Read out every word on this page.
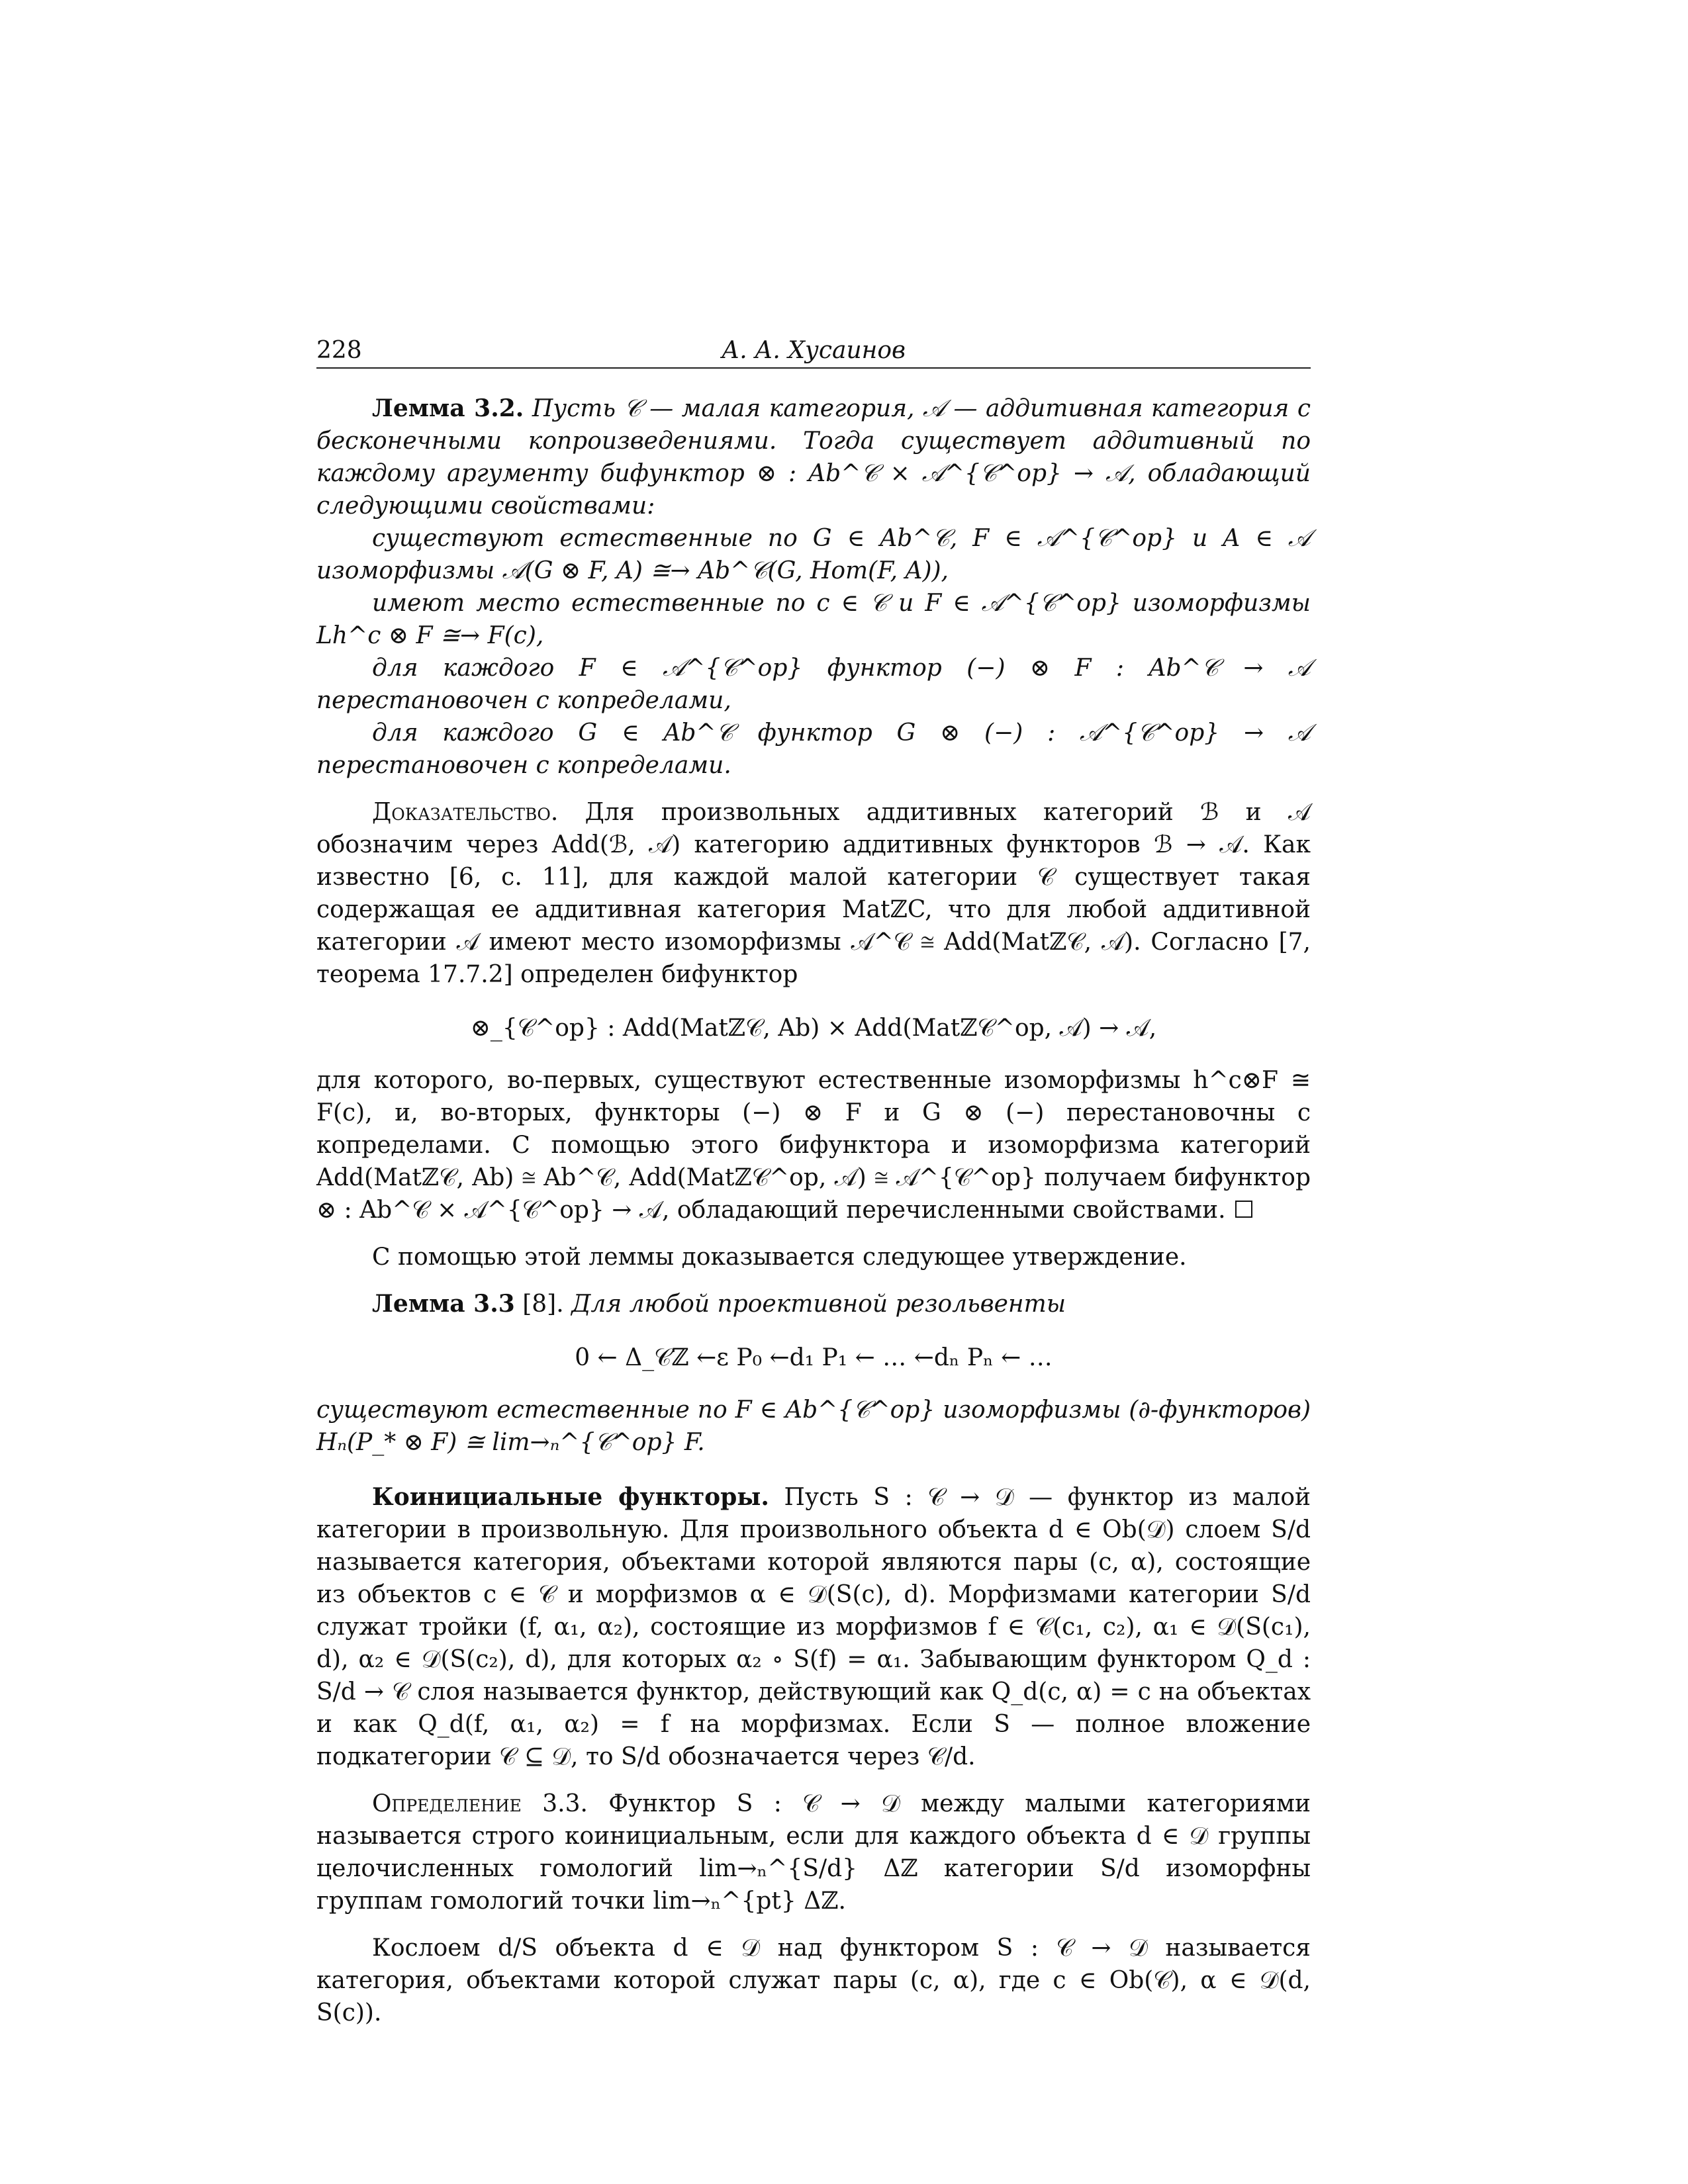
228	А. А. Хусаинов

Лемма 3.2. Пусть 𝒞 — малая категория, 𝒜 — аддитивная категория с бесконечными копроизведениями. Тогда существует аддитивный по каждому аргументу бифунктор ⊗ : Ab^𝒞 × 𝒜^{𝒞^op} → 𝒜, обладающий следующими свойствами:

существуют естественные по G ∈ Ab^𝒞, F ∈ 𝒜^{𝒞^op} и A ∈ 𝒜 изоморфизмы 𝒜(G ⊗ F, A) ≅→ Ab^𝒞(G, Hom(F, A)),

имеют место естественные по c ∈ 𝒞 и F ∈ 𝒜^{𝒞^op} изоморфизмы Lh^c ⊗ F ≅→ F(c),

для каждого F ∈ 𝒜^{𝒞^op} функтор (−) ⊗ F : Ab^𝒞 → 𝒜 перестановочен с копределами,

для каждого G ∈ Ab^𝒞 функтор G ⊗ (−) : 𝒜^{𝒞^op} → 𝒜 перестановочен с копределами.

Доказательство. Для произвольных аддитивных категорий ℬ и 𝒜 обозначим через Add(ℬ, 𝒜) категорию аддитивных функторов ℬ → 𝒜. Как известно [6, с. 11], для каждой малой категории 𝒞 существует такая содержащая ее аддитивная категория MatℤC, что для любой аддитивной категории 𝒜 имеют место изоморфизмы 𝒜^𝒞 ≅ Add(Matℤ𝒞, 𝒜). Согласно [7, теорема 17.7.2] определен бифунктор

⊗_{𝒞^op} : Add(Matℤ𝒞, Ab) × Add(Matℤ𝒞^op, 𝒜) → 𝒜,

для которого, во-первых, существуют естественные изоморфизмы h^c⊗F ≅ F(c), и, во-вторых, функторы (−) ⊗ F и G ⊗ (−) перестановочны с копределами. С помощью этого бифунктора и изоморфизма категорий Add(Matℤ𝒞, Ab) ≅ Ab^𝒞, Add(Matℤ𝒞^op, 𝒜) ≅ 𝒜^{𝒞^op} получаем бифунктор ⊗ : Ab^𝒞 × 𝒜^{𝒞^op} → 𝒜, обладающий перечисленными свойствами.

С помощью этой леммы доказывается следующее утверждение.

Лемма 3.3 [8]. Для любой проективной резольвенты

0 ← Δ_𝒞ℤ ←ε P₀ ←d₁ P₁ ← … ←dₙ Pₙ ← …

существуют естественные по F ∈ Ab^{𝒞^op} изоморфизмы (∂-функторов) Hₙ(P_* ⊗ F) ≅ lim→ₙ^{𝒞^op} F.

Коинициальные функторы. Пусть S : 𝒞 → 𝒟 — функтор из малой категории в произвольную. Для произвольного объекта d ∈ Ob(𝒟) слоем S/d называется категория, объектами которой являются пары (c, α), состоящие из объектов c ∈ 𝒞 и морфизмов α ∈ 𝒟(S(c), d). Морфизмами категории S/d служат тройки (f, α₁, α₂), состоящие из морфизмов f ∈ 𝒞(c₁, c₂), α₁ ∈ 𝒟(S(c₁), d), α₂ ∈ 𝒟(S(c₂), d), для которых α₂ ∘ S(f) = α₁. Забывающим функтором Q_d : S/d → 𝒞 слоя называется функтор, действующий как Q_d(c, α) = c на объектах и как Q_d(f, α₁, α₂) = f на морфизмах. Если S — полное вложение подкатегории 𝒞 ⊆ 𝒟, то S/d обозначается через 𝒞/d.

Определение 3.3. Функтор S : 𝒞 → 𝒟 между малыми категориями называется строго коинициальным, если для каждого объекта d ∈ 𝒟 группы целочисленных гомологий lim→ₙ^{S/d} Δℤ категории S/d изоморфны группам гомологий точки lim→ₙ^{pt} Δℤ.

Кослоем d/S объекта d ∈ 𝒟 над функтором S : 𝒞 → 𝒟 называется категория, объектами которой служат пары (c, α), где c ∈ Ob(𝒞), α ∈ 𝒟(d, S(c)).
